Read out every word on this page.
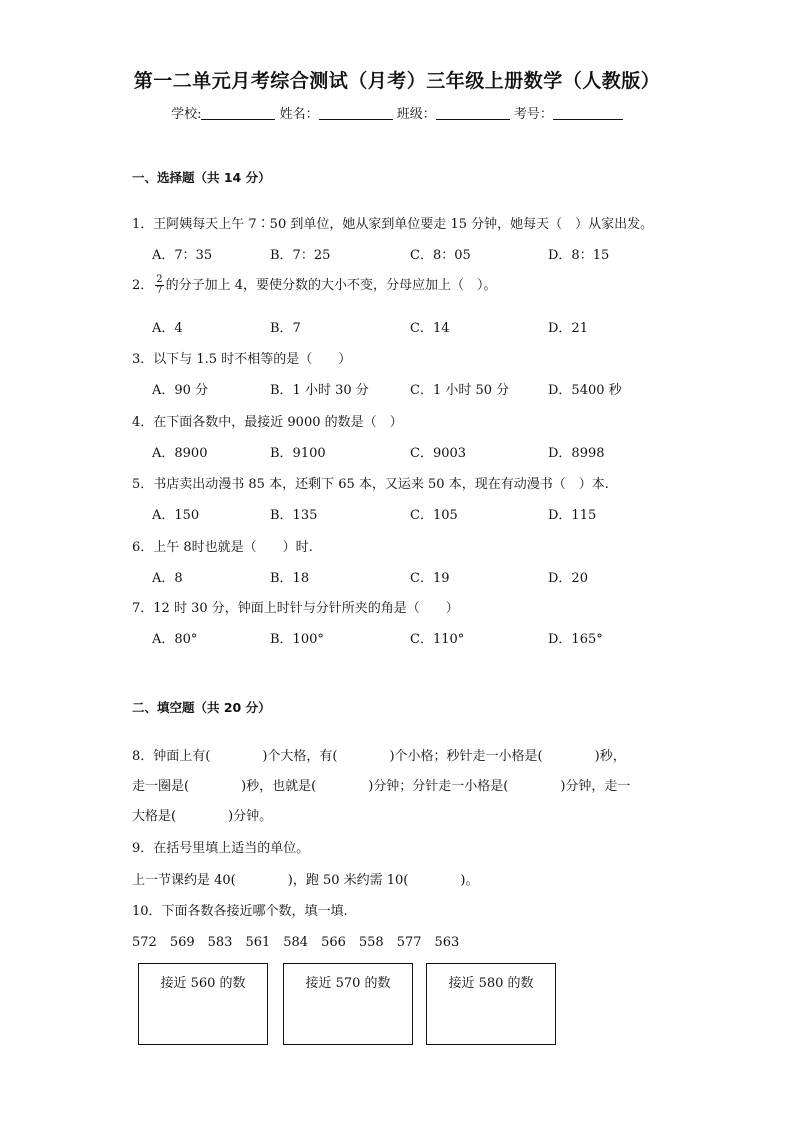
第一二单元月考综合测试（月考）三年级上册数学（人教版）
学校:	姓名：	班级：	考号：
一、选择题（共 14 分）
1．王阿姨每天上午 7∶50 到单位，她从家到单位要走 15 分钟，她每天（　）从家出发。
A．7：35	B．7：25	C．8：05	D．8：15
2． $\frac{2}{7}$ 的分子加上 4，要使分数的大小不变，分母应加上（　）。
A．4	B．7	C．14	D．21
3．以下与 1.5 时不相等的是（　　）
A．90 分	B．1 小时 30 分	C．1 小时 50 分	D．5400 秒
4．在下面各数中，最接近 9000 的数是（　）
A．8900	B．9100	C．9003	D．8998
5．书店卖出动漫书 85 本，还剩下 65 本，又运来 50 本，现在有动漫书（　）本.
A．150	B．135	C．105	D．115
6．上午 8时也就是（　　）时.
A．8	B．18	C．19	D．20
7．12 时 30 分，钟面上时针与分针所夹的角是（　　）
A．80°	B．100°	C．110°	D．165°
二、填空题（共 20 分）
8．钟面上有(　　　　)个大格，有(　　　　)个小格；秒针走一小格是(　　　　)秒，
走一圈是(　　　　)秒，也就是(　　　　)分钟；分针走一小格是(　　　　)分钟，走一
大格是(　　　　)分钟。
9．在括号里填上适当的单位。
上一节课约是 40(　　　　)，跑 50 米约需 10(　　　　)。
10．下面各数各接近哪个数，填一填.
572　569　583　561　584　566　558　577　563
接近 560 的数	接近 570 的数	接近 580 的数
